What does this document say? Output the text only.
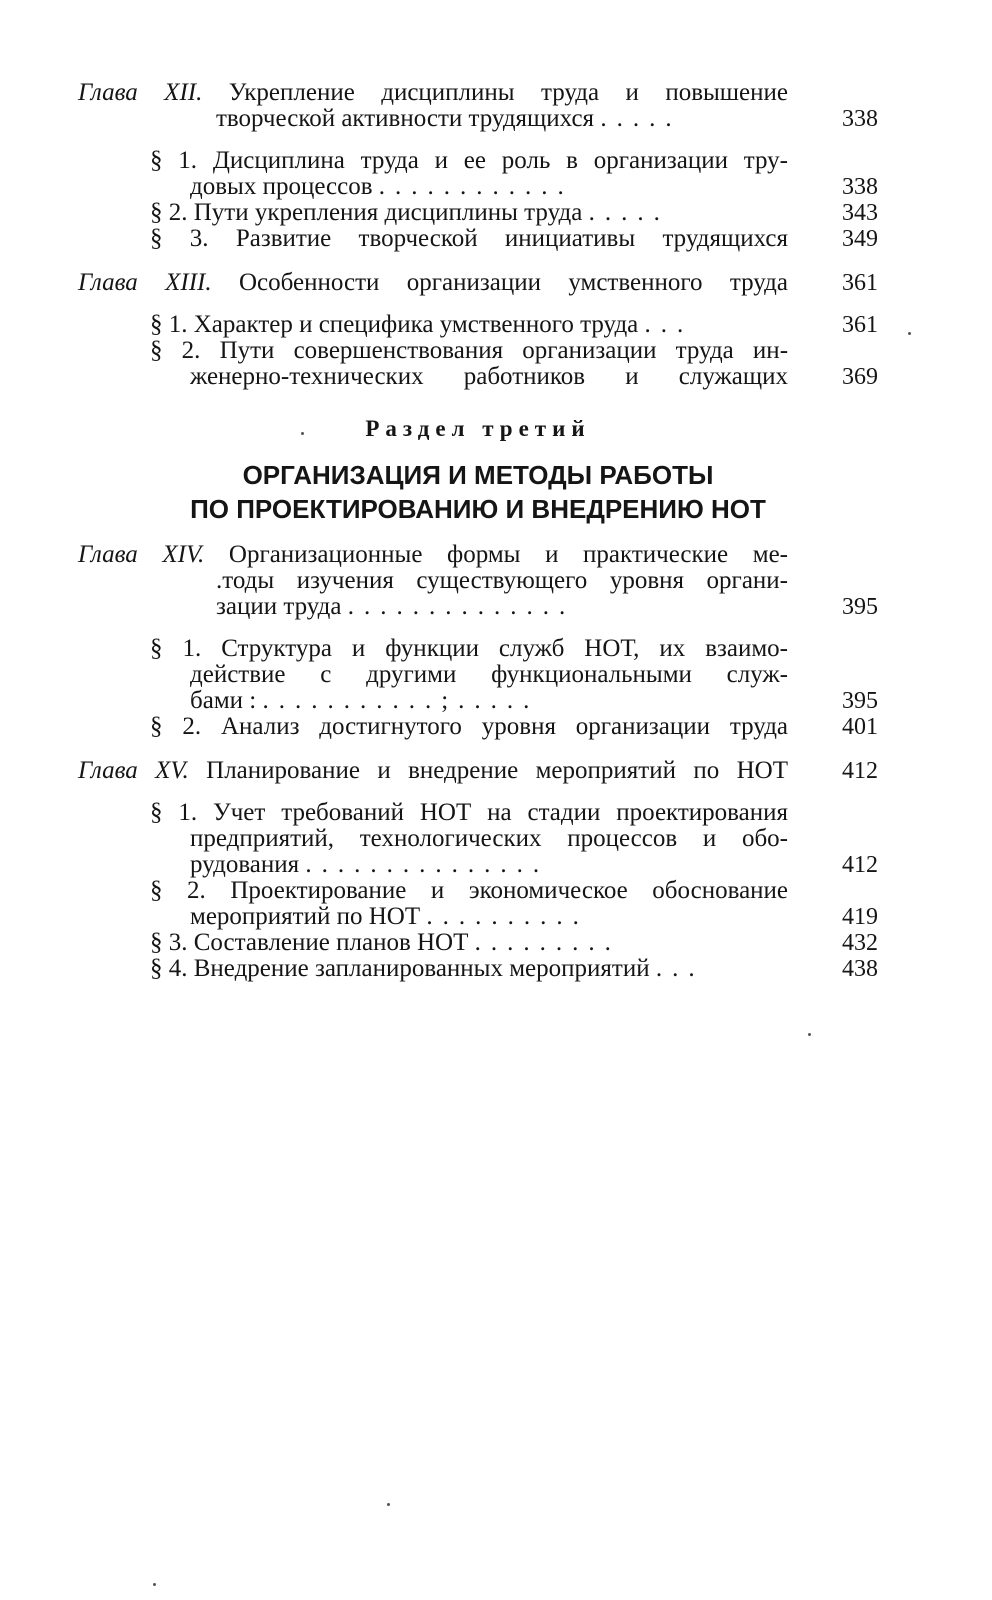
Глава XII. Укрепление дисциплины труда и повышение
творческой активности трудящихся .....	338
§ 1. Дисциплина труда и ее роль в организации тру-
довых процессов ............	338
§ 2. Пути укрепления дисциплины труда .....	343
§ 3. Развитие творческой инициативы трудящихся 349
Глава XIII. Особенности организации умственного труда 361
§ 1. Характер и специфика умственного труда ...	361
§ 2. Пути совершенствования организации труда ин-
женерно-технических работников и служащих 369
Раздел третий
ОРГАНИЗАЦИЯ И МЕТОДЫ РАБОТЫ
ПО ПРОЕКТИРОВАНИЮ И ВНЕДРЕНИЮ НОТ
Глава XIV. Организационные формы и практические ме-
.тоды изучения существующего уровня органи-
зации труда ..............	395
§ 1. Структура и функции служб НОТ, их взаимо-
действие с другими функциональными служ-
бами : ...........;.....	395
§ 2. Анализ достигнутого уровня организации труда 401
Глава XV. Планирование и внедрение мероприятий по НОТ 412
§ 1. Учет требований НОТ на стадии проектирования
предприятий, технологических процессов и обо-
рудования ...............	412
§ 2. Проектирование и экономическое обоснование
мероприятий по НОТ ..........	419
§ 3. Составление планов НОТ .........	432
§ 4. Внедрение запланированных мероприятий ...	438
